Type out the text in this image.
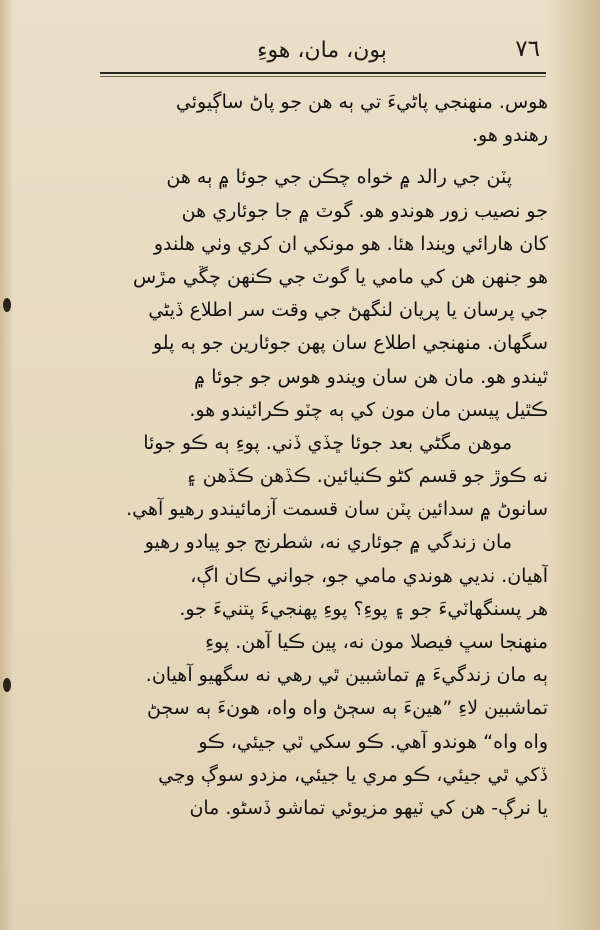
٧٦
ٻون، مان، هوءِ
هوس. منهنجي پاڻيءَ تي ٻه هن جو پاڻ ساڳيوئي
رهندو هو.
پٽن جي رالد ۾ خواه چڪن جي جوئا ۾ ٻه هن
جو نصيب زور هوندو هو. گوٽ ۾ جا جوئاري هن
کان هارائي ويندا هئا. هو مونکي ان کري وٺي هلندو
هو جنهن هن کي مامي يا گوٽ جي ڪنهن چڱي مڙس
جي پرسان يا پريان لنگهڻ جي وقت سر اطلاع ڏيڻي
سگهان. منهنجي اطلاع سان پهن جوئارين جو ٻه پلو
ٿيندو هو. مان هن سان ويندو هوس جو جوئا ۾
ڪٿيل پيسن مان مون کي ٻه چٽو ڪرائيندو هو.
موهن مگڻي بعد جوئا ڇڏي ڏني. پوءِ ٻه ڪو جوئا
نه ڪوڙ جو قسم کڻو ڪنيائين. ڪڏهن ڪڏهن ۽
سانوڻ ۾ سدائين پٽن سان قسمت آزمائيندو رهيو آهي.
مان زندگي ۾ جوئاري نه، شطرنج جو پيادو رهيو
آهيان. نديي هوندي مامي جو، جواني ڪان اڳ،
هر پسنگهاٽيءَ جو ۽ پوءِ؟ پوءِ پهنجيءَ پتنيءَ جو.
منهنجا سڀ فيصلا مون نه، پين ڪيا آهن. پوءِ
ٻه مان زندگيءَ ۾ تماشبين ٿي رهي نه سگهيو آهيان.
تماشبين لاءِ ”هينءَ ٻه سڄڻ واه واه، هونءَ ٻه سڄڻ
واه واه“ هوندو آهي. ڪو سکي ٿي جيئي، ڪو
ڏکي ٿي جيئي، ڪو مري يا جيئي، مزدو سوڳ وڃي
يا نرڳ- هن کي ٽيهو مزيوئي تماشو ڏسڻو. مان
